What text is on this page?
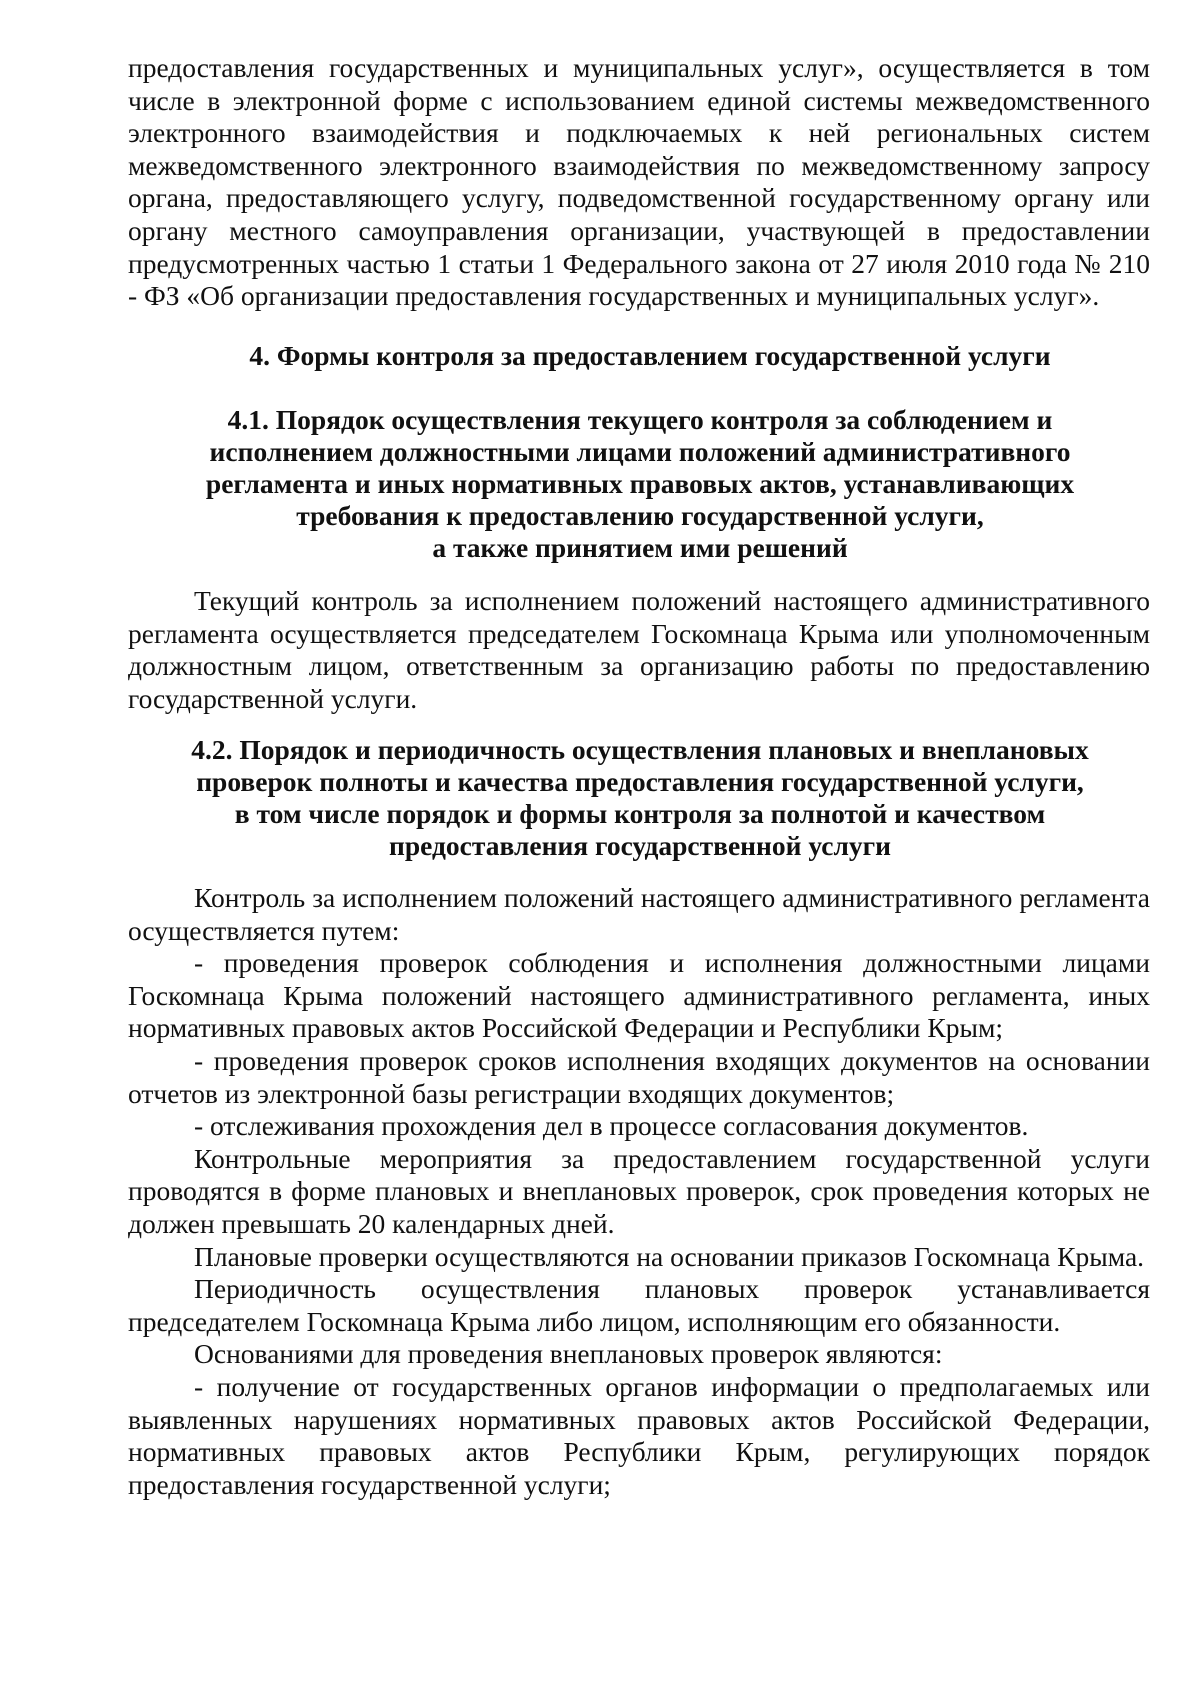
предоставления государственных и муниципальных услуг», осуществляется в том числе в электронной форме с использованием единой системы межведомственного электронного взаимодействия и подключаемых к ней региональных систем межведомственного электронного взаимодействия по межведомственному запросу органа, предоставляющего услугу, подведомственной государственному органу или органу местного самоуправления организации, участвующей в предоставлении предусмотренных частью 1 статьи 1 Федерального закона от 27 июля 2010 года № 210 - ФЗ «Об организации предоставления государственных и муниципальных услуг».
4. Формы контроля за предоставлением государственной услуги
4.1. Порядок осуществления текущего контроля за соблюдением и
исполнением должностными лицами положений административного
регламента и иных нормативных правовых актов, устанавливающих
требования к предоставлению государственной услуги,
а также принятием ими решений
Текущий контроль за исполнением положений настоящего административного регламента осуществляется председателем Госкомнаца Крыма или уполномоченным должностным лицом, ответственным за организацию работы по предоставлению государственной услуги.
4.2. Порядок и периодичность осуществления плановых и внеплановых
проверок полноты и качества предоставления государственной услуги,
в том числе порядок и формы контроля за полнотой и качеством
предоставления государственной услуги
Контроль за исполнением положений настоящего административного регламента осуществляется путем:
- проведения проверок соблюдения и исполнения должностными лицами Госкомнаца Крыма положений настоящего административного регламента, иных нормативных правовых актов Российской Федерации и Республики Крым;
- проведения проверок сроков исполнения входящих документов на основании отчетов из электронной базы регистрации входящих документов;
- отслеживания прохождения дел в процессе согласования документов.
Контрольные мероприятия за предоставлением государственной услуги проводятся в форме плановых и внеплановых проверок, срок проведения которых не должен превышать 20 календарных дней.
Плановые проверки осуществляются на основании приказов Госкомнаца Крыма.
Периодичность осуществления плановых проверок устанавливается председателем Госкомнаца Крыма либо лицом, исполняющим его обязанности.
Основаниями для проведения внеплановых проверок являются:
- получение от государственных органов информации о предполагаемых или выявленных нарушениях нормативных правовых актов Российской Федерации, нормативных правовых актов Республики Крым, регулирующих порядок предоставления государственной услуги;
